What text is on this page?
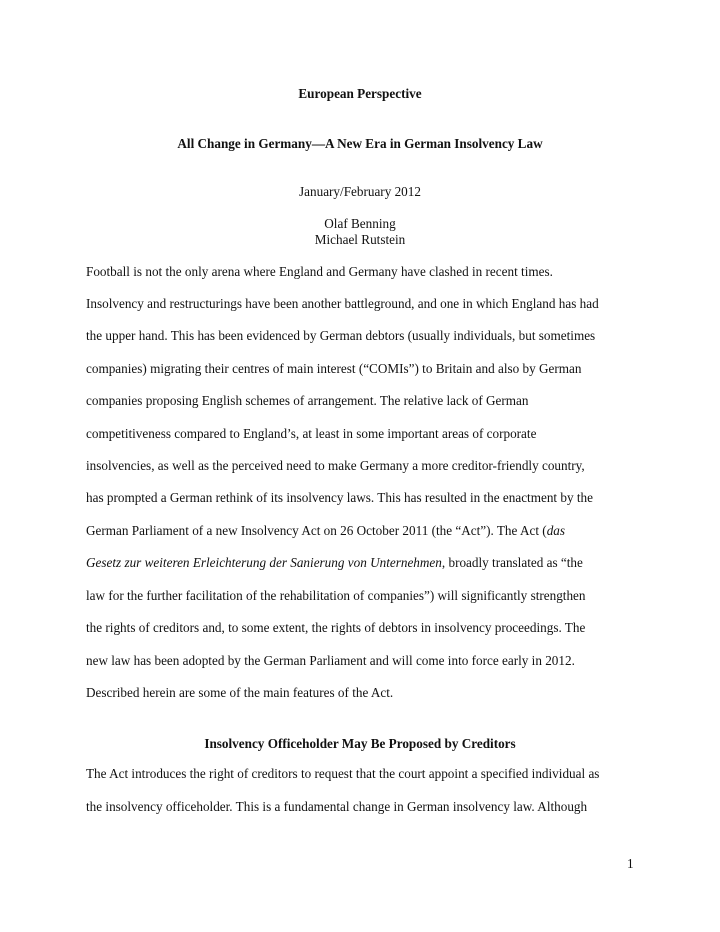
European Perspective
All Change in Germany—A New Era in German Insolvency Law
January/February 2012
Olaf Benning
Michael Rutstein
Football is not the only arena where England and Germany have clashed in recent times.
Insolvency and restructurings have been another battleground, and one in which England has had
the upper hand. This has been evidenced by German debtors (usually individuals, but sometimes
companies) migrating their centres of main interest (“COMIs”) to Britain and also by German
companies proposing English schemes of arrangement. The relative lack of German
competitiveness compared to England’s, at least in some important areas of corporate
insolvencies, as well as the perceived need to make Germany a more creditor-friendly country,
has prompted a German rethink of its insolvency laws. This has resulted in the enactment by the
German Parliament of a new Insolvency Act on 26 October 2011 (the “Act”). The Act (das
Gesetz zur weiteren Erleichterung der Sanierung von Unternehmen, broadly translated as “the
law for the further facilitation of the rehabilitation of companies”) will significantly strengthen
the rights of creditors and, to some extent, the rights of debtors in insolvency proceedings. The
new law has been adopted by the German Parliament and will come into force early in 2012.
Described herein are some of the main features of the Act.
Insolvency Officeholder May Be Proposed by Creditors
The Act introduces the right of creditors to request that the court appoint a specified individual as
the insolvency officeholder. This is a fundamental change in German insolvency law. Although
1
